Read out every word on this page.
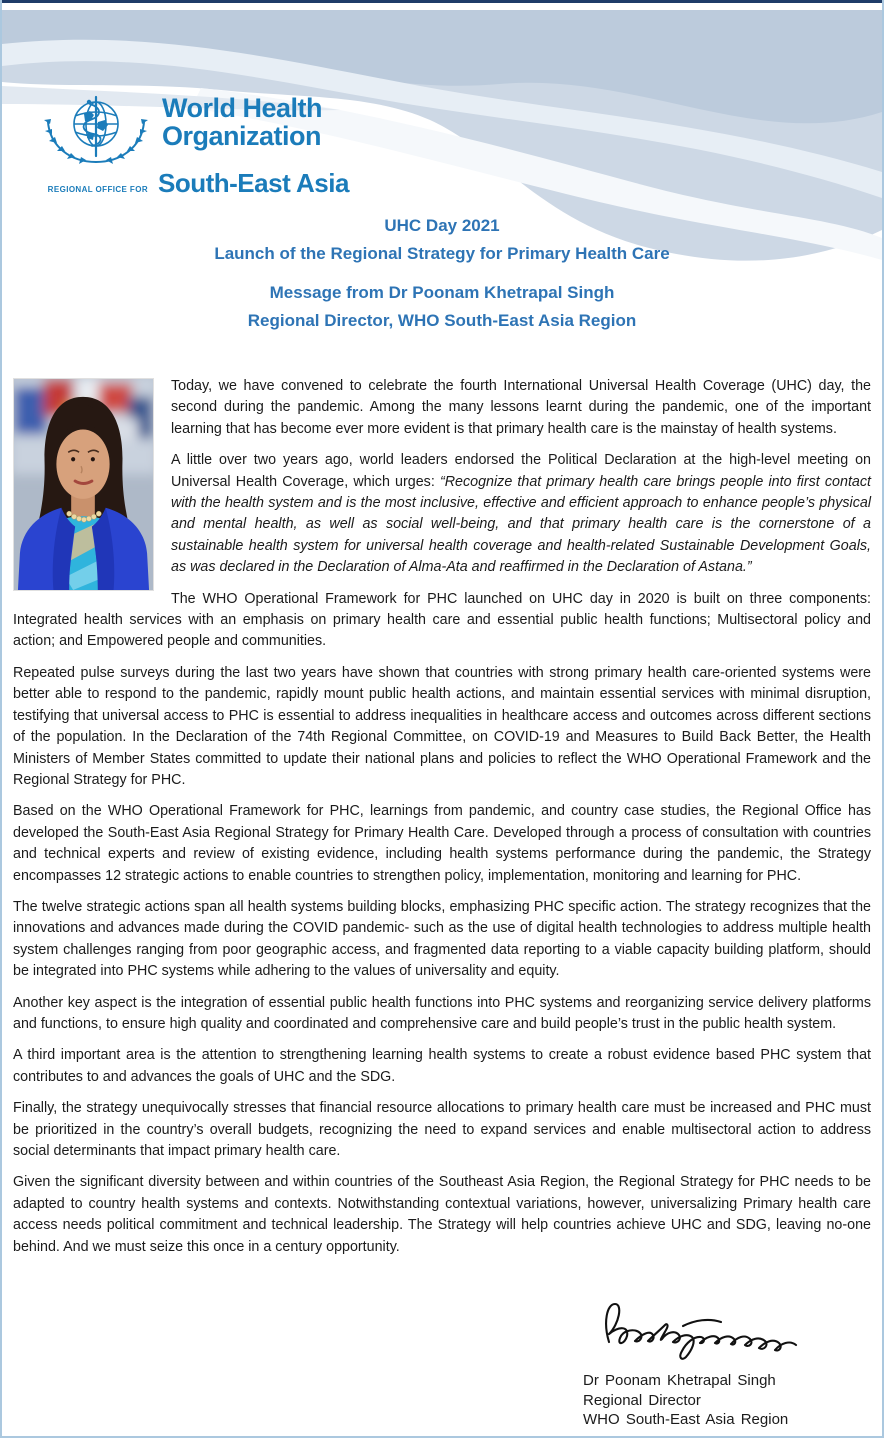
World Health
Organization
REGIONAL OFFICE FOR South-East Asia
UHC Day 2021
Launch of the Regional Strategy for Primary Health Care
Message from Dr Poonam Khetrapal Singh
Regional Director, WHO South-East Asia Region

Today, we have convened to celebrate the fourth International Universal Health Coverage (UHC) day, the second during the pandemic. Among the many lessons learnt during the pandemic, one of the important learning that has become ever more evident is that primary health care is the mainstay of health systems.

A little over two years ago, world leaders endorsed the Political Declaration at the high-level meeting on Universal Health Coverage, which urges: “Recognize that primary health care brings people into first contact with the health system and is the most inclusive, effective and efficient approach to enhance people’s physical and mental health, as well as social well-being, and that primary health care is the cornerstone of a sustainable health system for universal health coverage and health-related Sustainable Development Goals, as was declared in the Declaration of Alma-Ata and reaffirmed in the Declaration of Astana.”

The WHO Operational Framework for PHC launched on UHC day in 2020 is built on three components: Integrated health services with an emphasis on primary health care and essential public health functions; Multisectoral policy and action; and Empowered people and communities.

Repeated pulse surveys during the last two years have shown that countries with strong primary health care-oriented systems were better able to respond to the pandemic, rapidly mount public health actions, and maintain essential services with minimal disruption, testifying that universal access to PHC is essential to address inequalities in healthcare access and outcomes across different sections of the population. In the Declaration of the 74th Regional Committee, on COVID-19 and Measures to Build Back Better, the Health Ministers of Member States committed to update their national plans and policies to reflect the WHO Operational Framework and the Regional Strategy for PHC.

Based on the WHO Operational Framework for PHC, learnings from pandemic, and country case studies, the Regional Office has developed the South-East Asia Regional Strategy for Primary Health Care. Developed through a process of consultation with countries and technical experts and review of existing evidence, including health systems performance during the pandemic, the Strategy encompasses 12 strategic actions to enable countries to strengthen policy, implementation, monitoring and learning for PHC.

The twelve strategic actions span all health systems building blocks, emphasizing PHC specific action. The strategy recognizes that the innovations and advances made during the COVID pandemic- such as the use of digital health technologies to address multiple health system challenges ranging from poor geographic access, and fragmented data reporting to a viable capacity building platform, should be integrated into PHC systems while adhering to the values of universality and equity.

Another key aspect is the integration of essential public health functions into PHC systems and reorganizing service delivery platforms and functions, to ensure high quality and coordinated and comprehensive care and build people’s trust in the public health system.

A third important area is the attention to strengthening learning health systems to create a robust evidence based PHC system that contributes to and advances the goals of UHC and the SDG.

Finally, the strategy unequivocally stresses that financial resource allocations to primary health care must be increased and PHC must be prioritized in the country’s overall budgets, recognizing the need to expand services and enable multisectoral action to address social determinants that impact primary health care.

Given the significant diversity between and within countries of the Southeast Asia Region, the Regional Strategy for PHC needs to be adapted to country health systems and contexts. Notwithstanding contextual variations, however, universalizing Primary health care access needs political commitment and technical leadership. The Strategy will help countries achieve UHC and SDG, leaving no-one behind. And we must seize this once in a century opportunity.

Dr Poonam Khetrapal Singh
Regional Director
WHO South-East Asia Region
